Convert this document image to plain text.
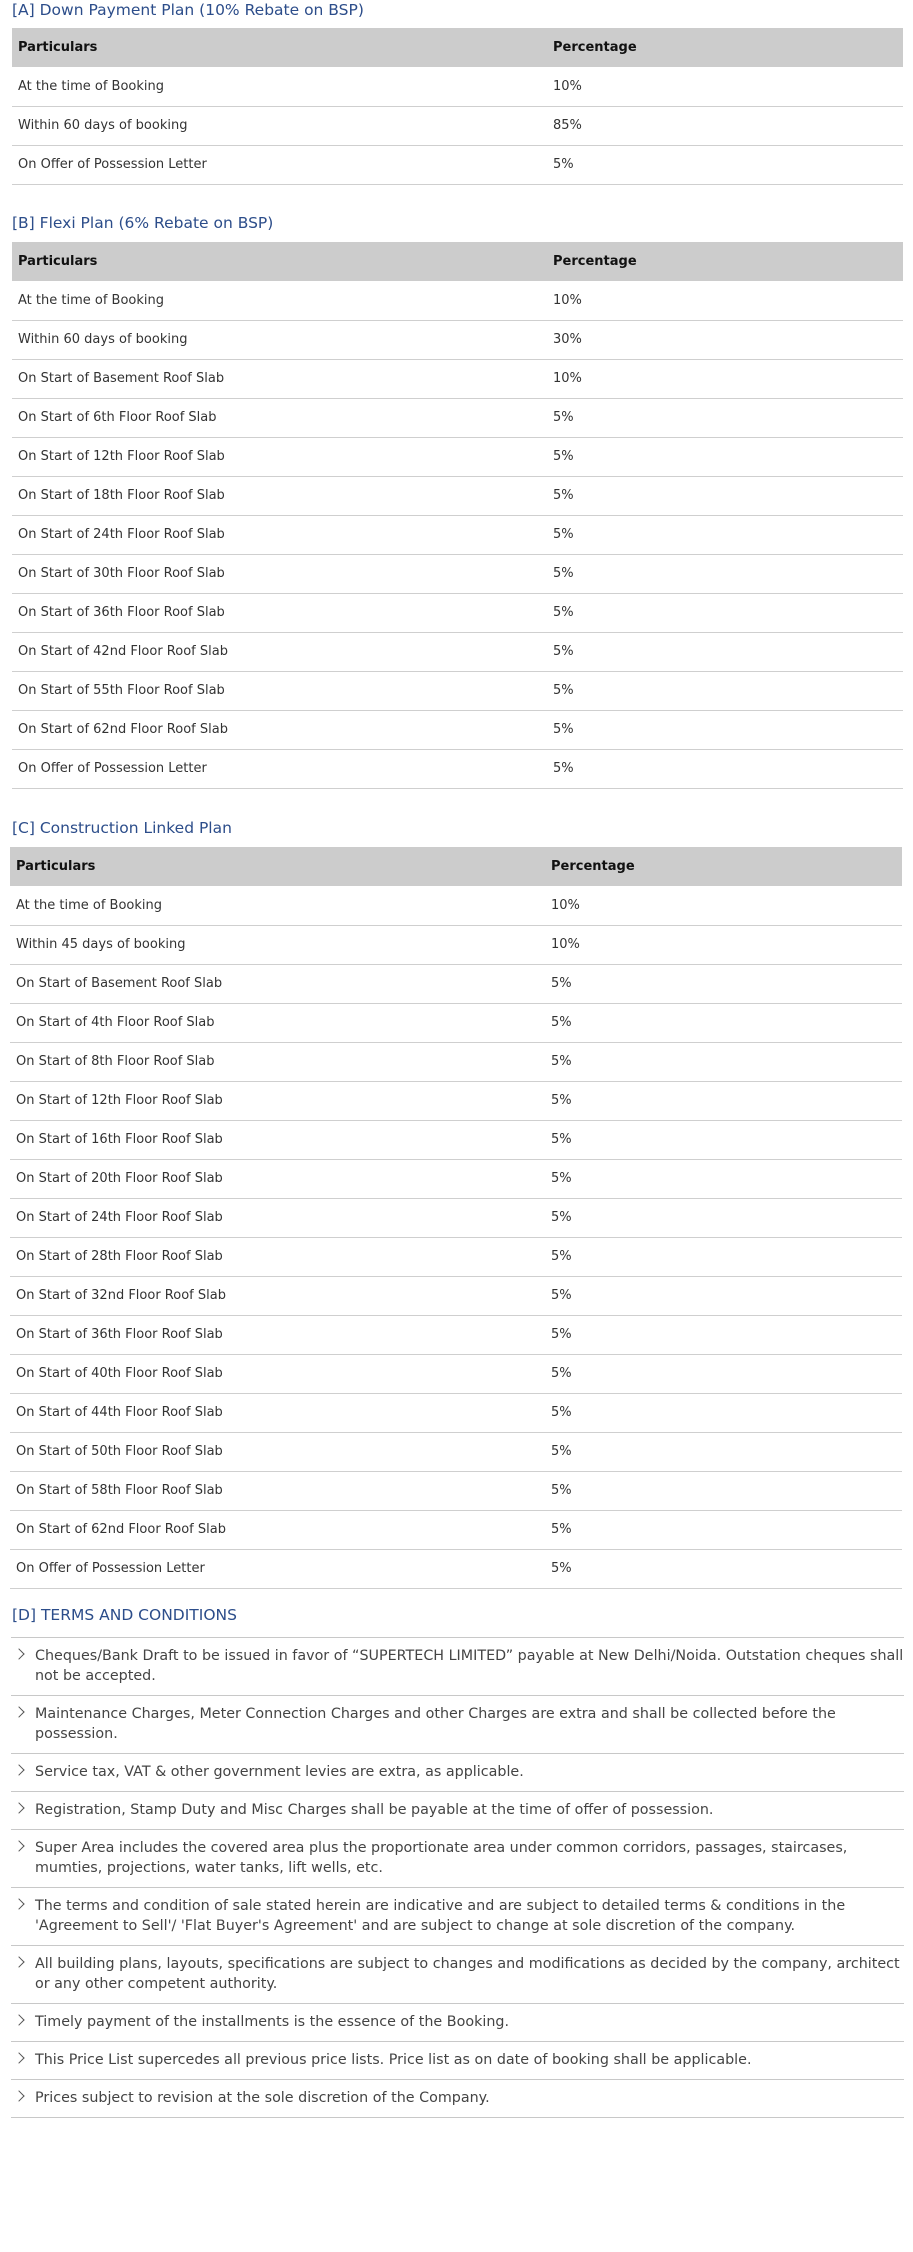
[A] Down Payment Plan (10% Rebate on BSP)
Particulars	Percentage
At the time of Booking	10%
Within 60 days of booking	85%
On Offer of Possession Letter	5%
[B] Flexi Plan (6% Rebate on BSP)
Particulars	Percentage
At the time of Booking	10%
Within 60 days of booking	30%
On Start of Basement Roof Slab	10%
On Start of 6th Floor Roof Slab	5%
On Start of 12th Floor Roof Slab	5%
On Start of 18th Floor Roof Slab	5%
On Start of 24th Floor Roof Slab	5%
On Start of 30th Floor Roof Slab	5%
On Start of 36th Floor Roof Slab	5%
On Start of 42nd Floor Roof Slab	5%
On Start of 55th Floor Roof Slab	5%
On Start of 62nd Floor Roof Slab	5%
On Offer of Possession Letter	5%
[C] Construction Linked Plan
Particulars	Percentage
At the time of Booking	10%
Within 45 days of booking	10%
On Start of Basement Roof Slab	5%
On Start of 4th Floor Roof Slab	5%
On Start of 8th Floor Roof Slab	5%
On Start of 12th Floor Roof Slab	5%
On Start of 16th Floor Roof Slab	5%
On Start of 20th Floor Roof Slab	5%
On Start of 24th Floor Roof Slab	5%
On Start of 28th Floor Roof Slab	5%
On Start of 32nd Floor Roof Slab	5%
On Start of 36th Floor Roof Slab	5%
On Start of 40th Floor Roof Slab	5%
On Start of 44th Floor Roof Slab	5%
On Start of 50th Floor Roof Slab	5%
On Start of 58th Floor Roof Slab	5%
On Start of 62nd Floor Roof Slab	5%
On Offer of Possession Letter	5%
[D] TERMS AND CONDITIONS
Cheques/Bank Draft to be issued in favor of “SUPERTECH LIMITED” payable at New Delhi/Noida. Outstation cheques shall not be accepted.
Maintenance Charges, Meter Connection Charges and other Charges are extra and shall be collected before the possession.
Service tax, VAT & other government levies are extra, as applicable.
Registration, Stamp Duty and Misc Charges shall be payable at the time of offer of possession.
Super Area includes the covered area plus the proportionate area under common corridors, passages, staircases, mumties, projections, water tanks, lift wells, etc.
The terms and condition of sale stated herein are indicative and are subject to detailed terms & conditions in the 'Agreement to Sell'/ 'Flat Buyer's Agreement' and are subject to change at sole discretion of the company.
All building plans, layouts, specifications are subject to changes and modifications as decided by the company, architect or any other competent authority.
Timely payment of the installments is the essence of the Booking.
This Price List supercedes all previous price lists. Price list as on date of booking shall be applicable.
Prices subject to revision at the sole discretion of the Company.
